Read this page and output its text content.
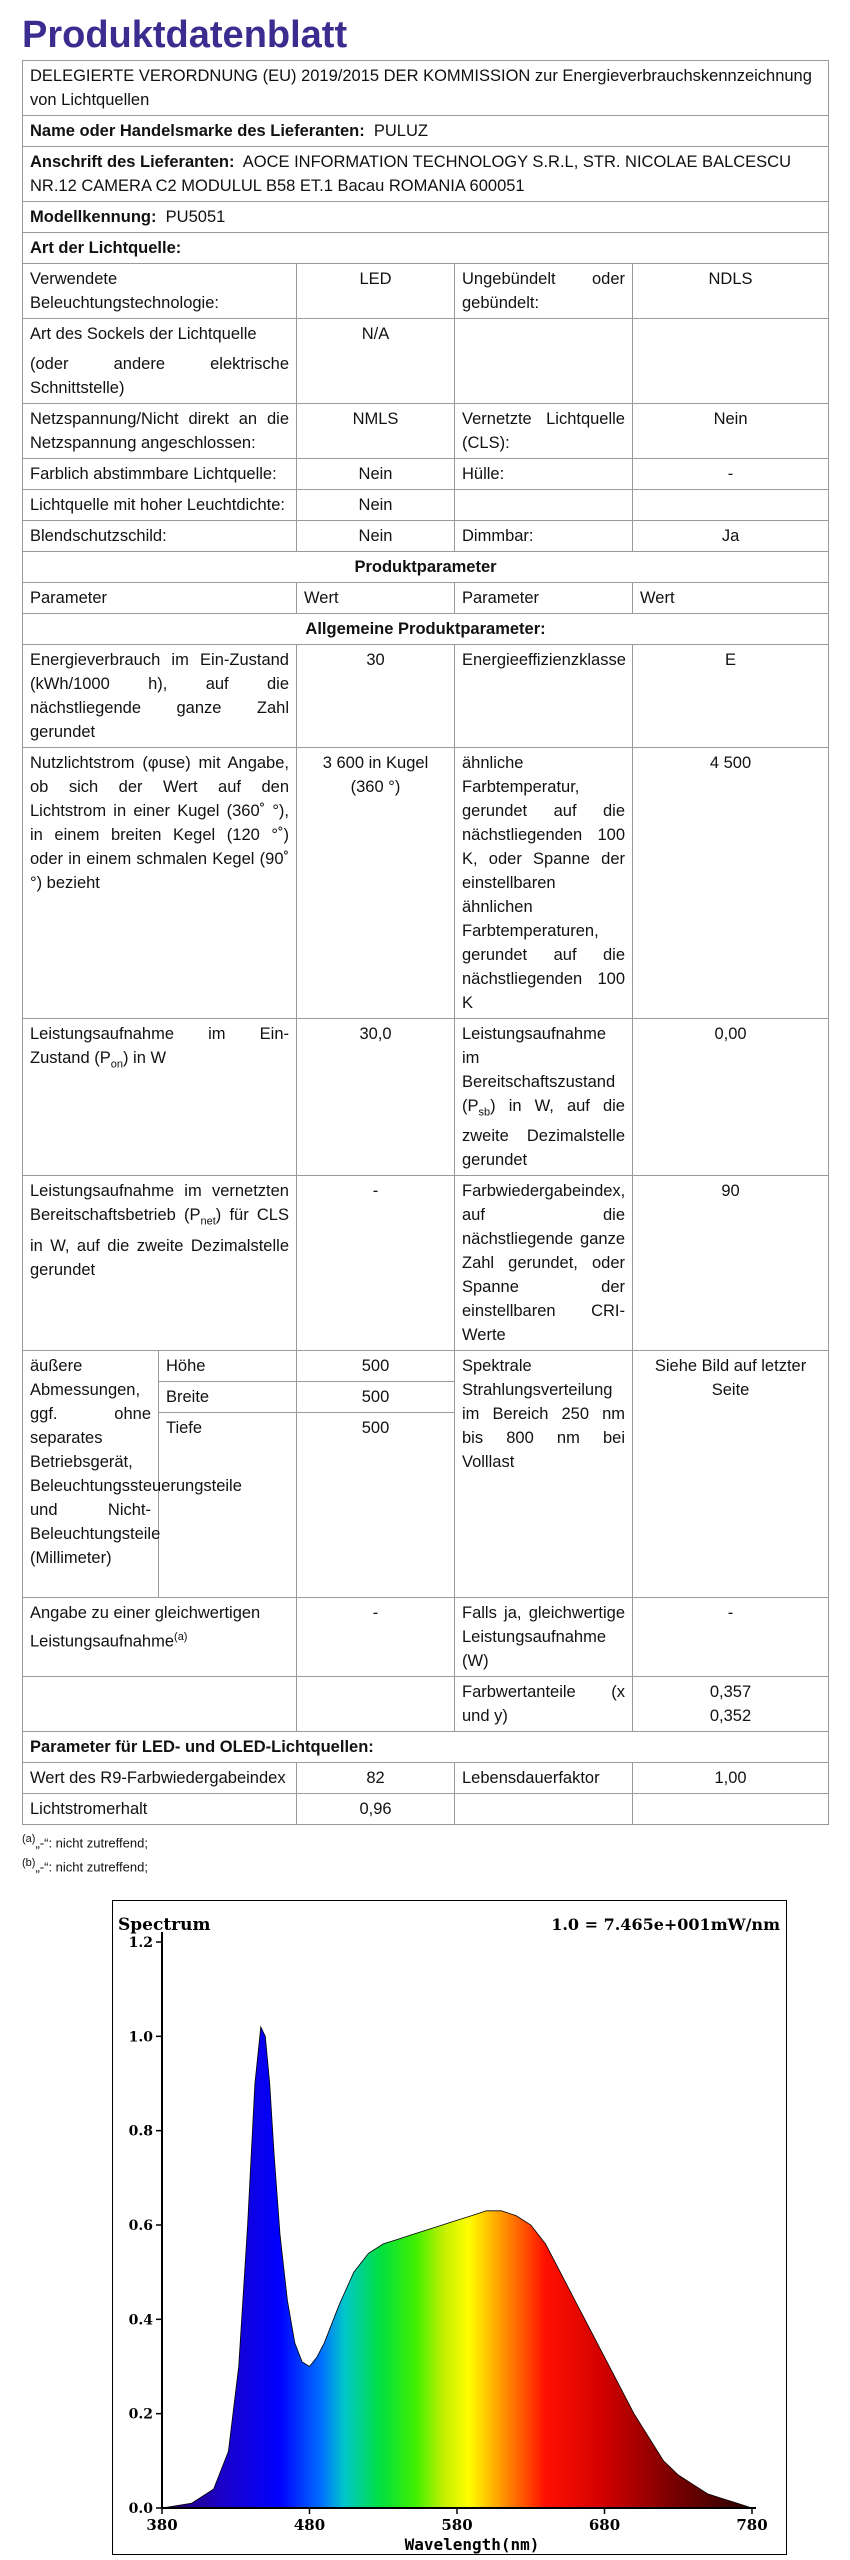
Produktdatenblatt
DELEGIERTE VERORDNUNG (EU) 2019/2015 DER KOMMISSION zur Energieverbrauchskennzeichnung von Lichtquellen				
Name oder Handelsmarke des Lieferanten: PULUZ				
Anschrift des Lieferanten: AOCE INFORMATION TECHNOLOGY S.R.L, STR. NICOLAE BALCESCU NR.12 CAMERA C2 MODULUL B58 ET.1 Bacau ROMANIA 600051				
Modellkennung: PU5051				
Art der Lichtquelle:				
Verwendete Beleuchtungstechnologie:		LED	Ungebündelt oder gebündelt:	NDLS

Art des Sockels der Lichtquelle
(oder andere elektrische Schnittstelle)		N/A		
Netzspannung/Nicht direkt an die Netzspannung angeschlossen:		NMLS	Vernetzte Lichtquelle (CLS):	Nein
Farblich abstimmbare Lichtquelle:		Nein	Hülle:	-
Lichtquelle mit hoher Leuchtdichte:		Nein		
Blendschutzschild:		Nein	Dimmbar:	Ja
Produktparameter				
Parameter		Wert	Parameter	Wert
Allgemeine Produktparameter:				
Energieverbrauch im Ein-Zustand (kWh/1000 h), auf die nächstliegende ganze Zahl gerundet		30	Energieeffizienzklasse	E
Nutzlichtstrom (φuse) mit Angabe, ob sich der Wert auf den Lichtstrom in einer Kugel (360˚ °), in einem breiten Kegel (120 °˚) oder in einem schmalen Kegel (90˚ °) bezieht		3 600 in Kugel (360 °)	ähnliche Farbtemperatur, gerundet auf die nächstliegenden 100 K, oder Spanne der einstellbaren ähnlichen Farbtemperaturen, gerundet auf die nächstliegenden 100 K	4 500
Leistungsaufnahme im Ein-Zustand $(P_{on})$ in W		30,0	Leistungsaufnahme im Bereitschaftszustand $(P_{sb})$ in W, auf die zweite Dezimalstelle gerundet	0,00
Leistungsaufnahme im vernetzten Bereitschaftsbetrieb $(P_{net})$ für CLS in W, auf die zweite Dezimalstelle gerundet		-	Farbwiedergabeindex, auf die nächstliegende ganze Zahl gerundet, oder Spanne der einstellbaren CRI-Werte	90
äußere Abmessungen, ggf. ohne separates Betriebsgerät, Beleuchtungssteuerungsteile und Nicht-Beleuchtungsteile (Millimeter)	Höhe	500	Spektrale Strahlungsverteilung im Bereich 250 nm bis 800 nm bei Volllast	Siehe Bild auf letzter Seite
	Breite	500		
	Tiefe	500		
Angabe zu einer gleichwertigen Leistungsaufnahme$^{(a)}$		-	Falls ja, gleichwertige Leistungsaufnahme (W)	-
			Farbwertanteile (x und y)	0,357
0,352

Parameter für LED- und OLED-Lichtquellen:				
Wert des R9-Farbwiedergabeindex		82	Lebensdauerfaktor	1,00
Lichtstromerhalt		0,96		
$^{(a)}$„-“: nicht zutreffend;
$^{(b)}$„-“: nicht zutreffend;
Spectrum	1.0 = 7.465e+001mW/nm
0.0
0.2
0.4
0.6
0.8
1.0
1.2
380	480	580	680	780
Wavelength(nm)
